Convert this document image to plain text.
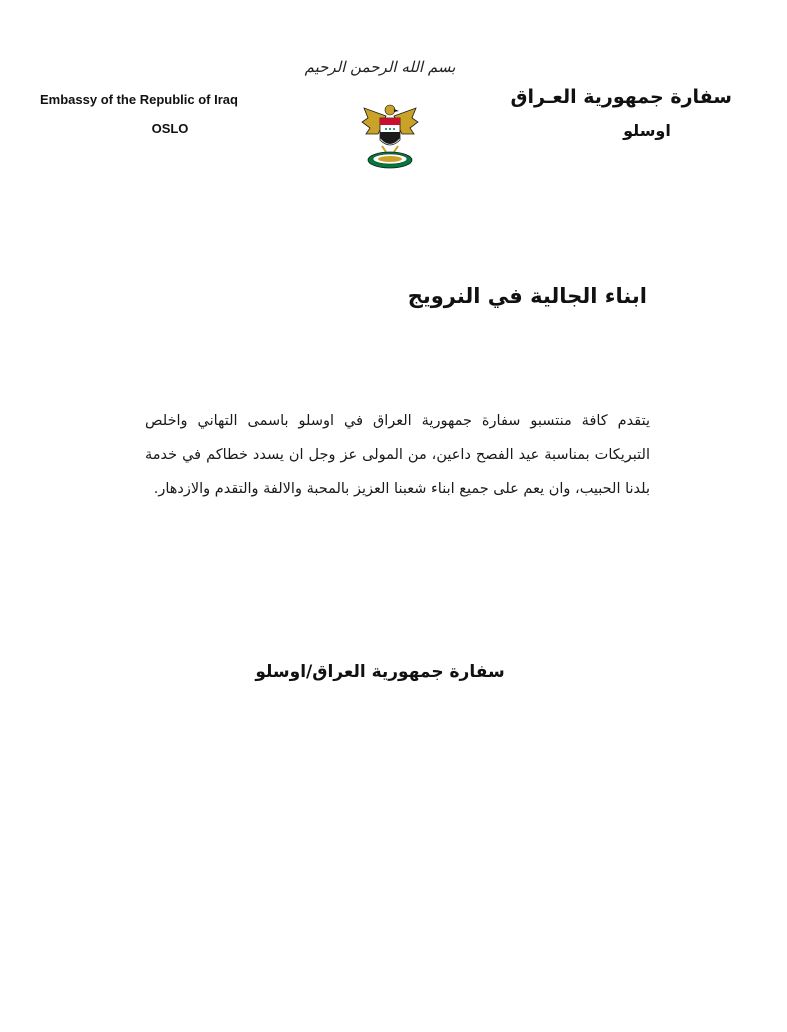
بسم الله الرحمن الرحيم
Embassy of the Republic of Iraq
OSLO
سفارة جمهورية العـراق
اوسلو
ابناء الجالية في النرويج
يتقدم كافة منتسبو سفارة جمهورية العراق في اوسلو باسمى التهاني واخلص التبريكات بمناسبة عيد الفصح داعين، من المولى عز وجل ان يسدد خطاكم في خدمة بلدنا الحبيب، وان يعم على جميع ابناء شعبنا العزيز بالمحبة والالفة والتقدم والازدهار.
سفارة جمهورية العراق/اوسلو
